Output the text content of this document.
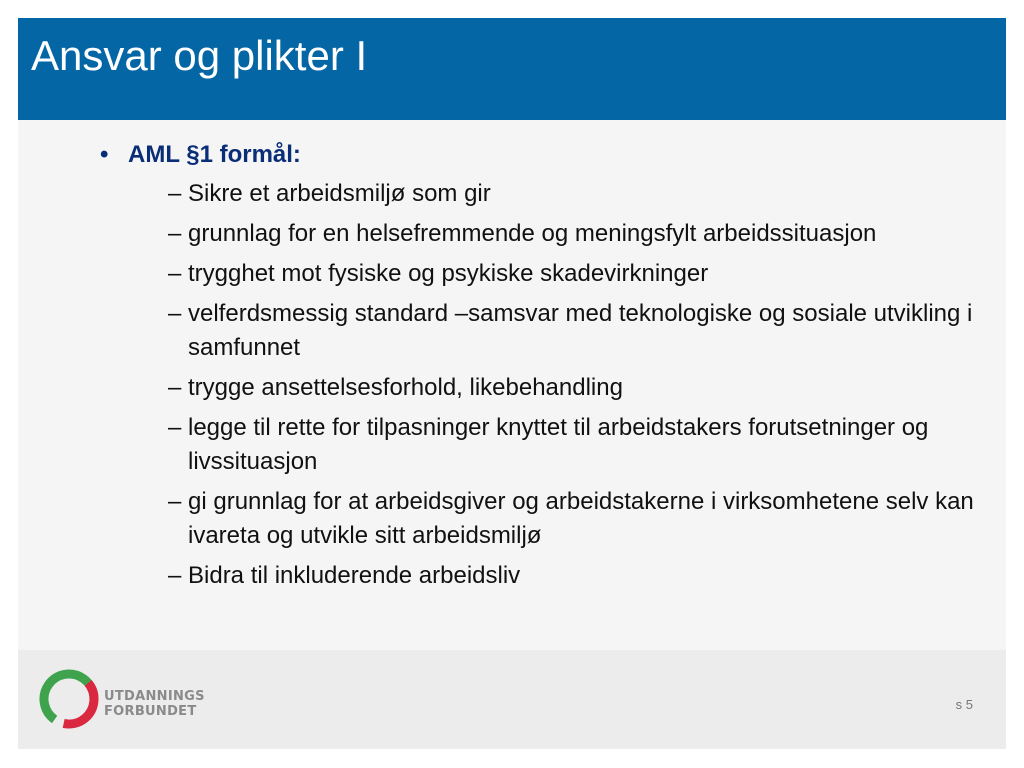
Ansvar og plikter I
• AML §1 formål:
– Sikre et arbeidsmiljø som gir
– grunnlag for en helsefremmende og meningsfylt arbeidssituasjon
– trygghet mot fysiske og psykiske skadevirkninger
– velferdsmessig standard –samsvar med teknologiske og sosiale utvikling i samfunnet
– trygge ansettelsesforhold, likebehandling
– legge til rette for tilpasninger knyttet til arbeidstakers forutsetninger og livssituasjon
– gi grunnlag for at arbeidsgiver og arbeidstakerne i virksomhetene selv kan ivareta og utvikle sitt arbeidsmiljø
– Bidra til inkluderende arbeidsliv
UTDANNINGS
FORBUNDET	s 5
